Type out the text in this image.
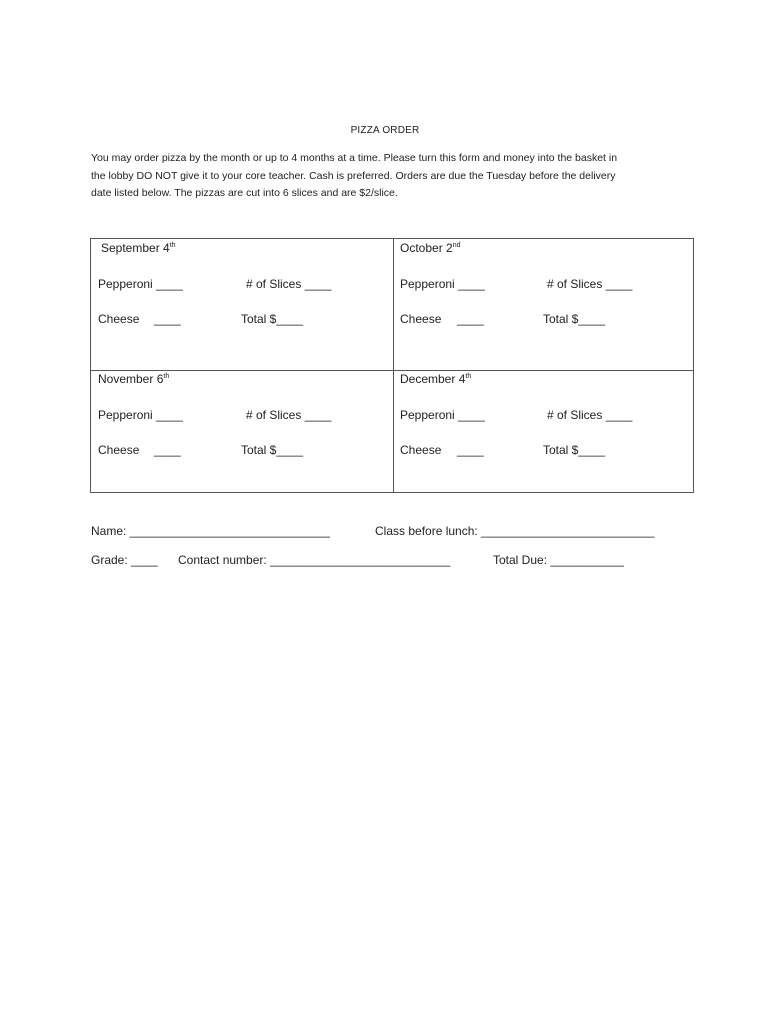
PIZZA ORDER
You may order pizza by the month or up to 4 months at a time. Please turn this form and money into the basket in
the lobby DO NOT give it to your core teacher. Cash is preferred. Orders are due the Tuesday before the delivery
date listed below. The pizzas are cut into 6 slices and are $2/slice.
September 4th
Pepperoni ____	# of Slices ____
Cheese ____	Total $____
October 2nd
Pepperoni ____	# of Slices ____
Cheese ____	Total $____
November 6th
Pepperoni ____	# of Slices ____
Cheese ____	Total $____
December 4th
Pepperoni ____	# of Slices ____
Cheese ____	Total $____
Name: ______________________________	Class before lunch: __________________________
Grade: ____ Contact number: ___________________________	Total Due: ___________
